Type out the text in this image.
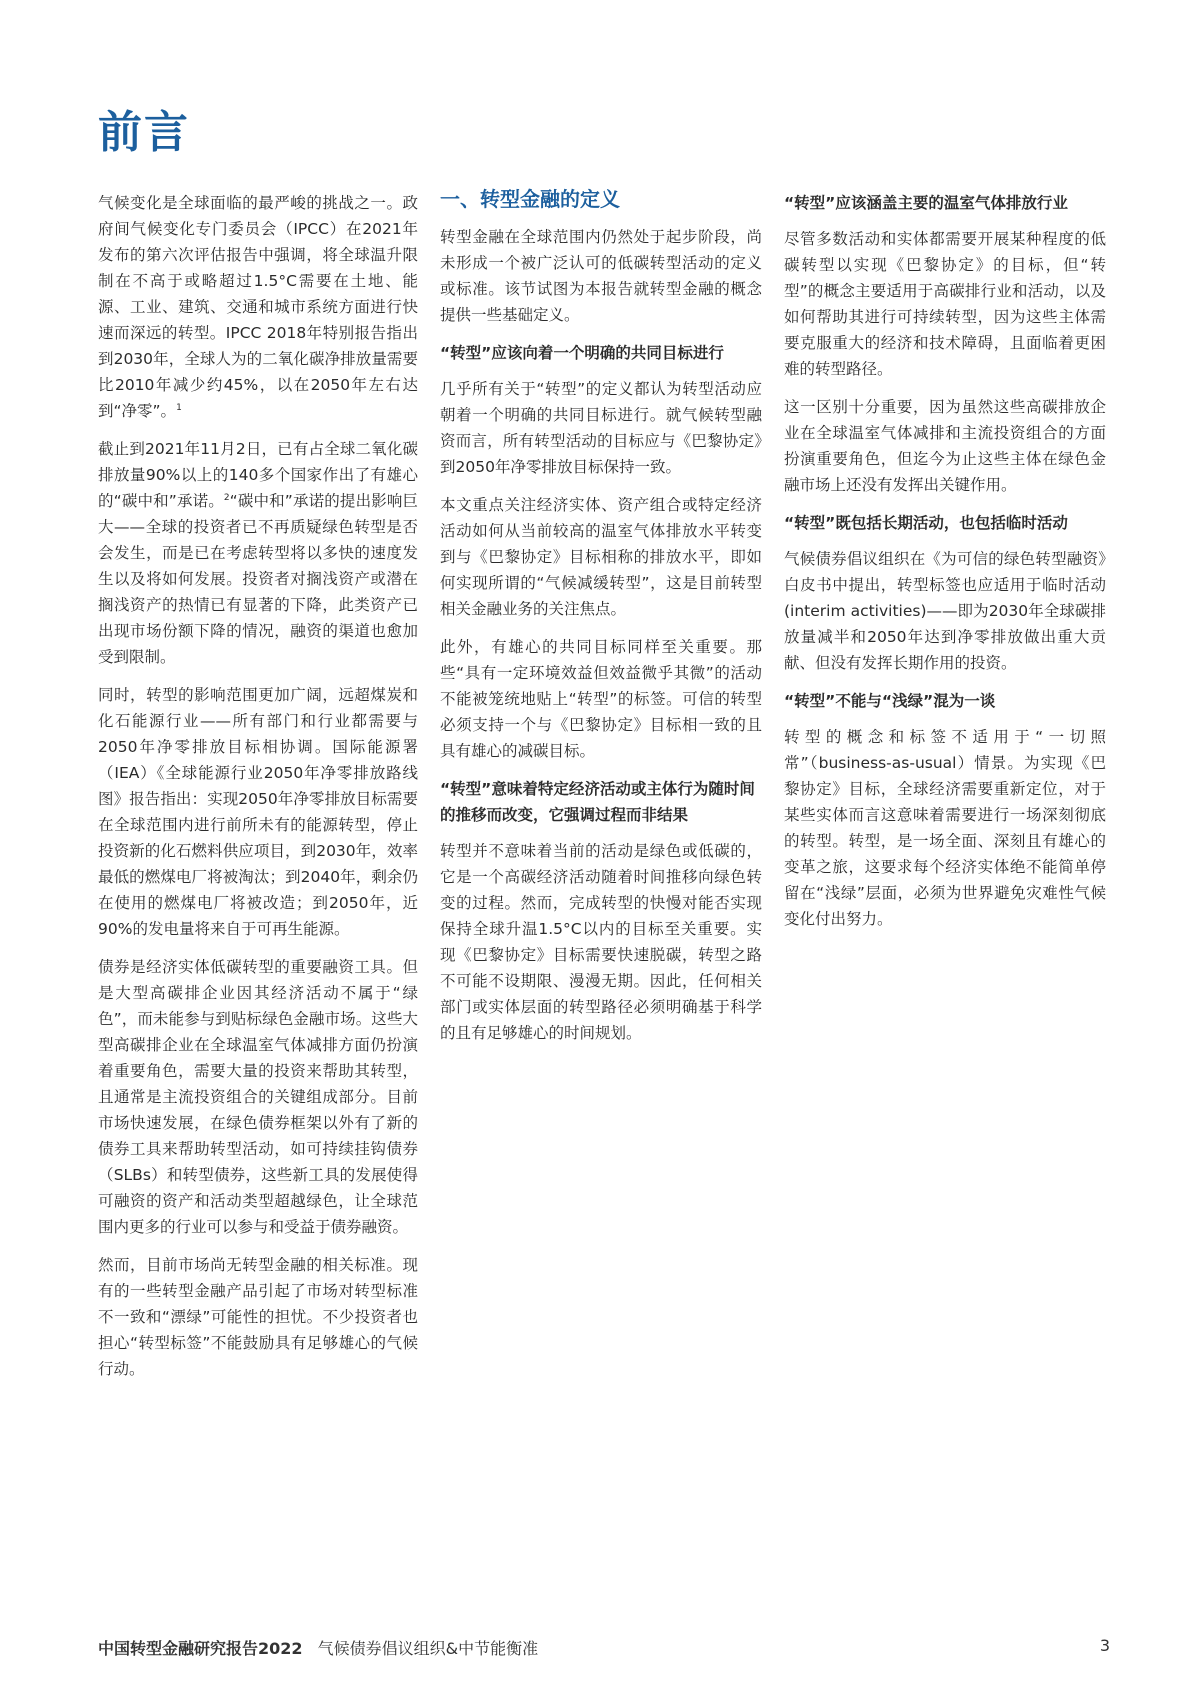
前言

气候变化是全球面临的最严峻的挑战之一。政府间气候变化专门委员会（IPCC）在2021年发布的第六次评估报告中强调，将全球温升限制在不高于或略超过1.5°C需要在土地、能源、工业、建筑、交通和城市系统方面进行快速而深远的转型。IPCC 2018年特别报告指出到2030年，全球人为的二氧化碳净排放量需要比2010年减少约45%，以在2050年左右达到“净零”。$^1$

截止到2021年11月2日，已有占全球二氧化碳排放量90%以上的140多个国家作出了有雄心的“碳中和”承诺。$^2$“碳中和”承诺的提出影响巨大——全球的投资者已不再质疑绿色转型是否会发生，而是已在考虑转型将以多快的速度发生以及将如何发展。投资者对搁浅资产或潜在搁浅资产的热情已有显著的下降，此类资产已出现市场份额下降的情况，融资的渠道也愈加受到限制。

同时，转型的影响范围更加广阔，远超煤炭和化石能源行业——所有部门和行业都需要与2050年净零排放目标相协调。国际能源署（IEA）《全球能源行业2050年净零排放路线图》报告指出：实现2050年净零排放目标需要在全球范围内进行前所未有的能源转型，停止投资新的化石燃料供应项目，到2030年，效率最低的燃煤电厂将被淘汰；到2040年，剩余仍在使用的燃煤电厂将被改造；到2050年，近90%的发电量将来自于可再生能源。

债券是经济实体低碳转型的重要融资工具。但是大型高碳排企业因其经济活动不属于“绿色”，而未能参与到贴标绿色金融市场。这些大型高碳排企业在全球温室气体减排方面仍扮演着重要角色，需要大量的投资来帮助其转型，且通常是主流投资组合的关键组成部分。目前市场快速发展，在绿色债券框架以外有了新的债券工具来帮助转型活动，如可持续挂钩债券（SLBs）和转型债券，这些新工具的发展使得可融资的资产和活动类型超越绿色，让全球范围内更多的行业可以参与和受益于债券融资。

然而，目前市场尚无转型金融的相关标准。现有的一些转型金融产品引起了市场对转型标准不一致和“漂绿”可能性的担忧。不少投资者也担心“转型标签”不能鼓励具有足够雄心的气候行动。

一、转型金融的定义

转型金融在全球范围内仍然处于起步阶段，尚未形成一个被广泛认可的低碳转型活动的定义或标准。该节试图为本报告就转型金融的概念提供一些基础定义。

“转型”应该向着一个明确的共同目标进行

几乎所有关于“转型”的定义都认为转型活动应朝着一个明确的共同目标进行。就气候转型融资而言，所有转型活动的目标应与《巴黎协定》到2050年净零排放目标保持一致。

本文重点关注经济实体、资产组合或特定经济活动如何从当前较高的温室气体排放水平转变到与《巴黎协定》目标相称的排放水平，即如何实现所谓的“气候减缓转型”，这是目前转型相关金融业务的关注焦点。

此外，有雄心的共同目标同样至关重要。那些“具有一定环境效益但效益微乎其微”的活动不能被笼统地贴上“转型”的标签。可信的转型必须支持一个与《巴黎协定》目标相一致的且具有雄心的减碳目标。

“转型”意味着特定经济活动或主体行为随时间的推移而改变，它强调过程而非结果

转型并不意味着当前的活动是绿色或低碳的，它是一个高碳经济活动随着时间推移向绿色转变的过程。然而，完成转型的快慢对能否实现保持全球升温1.5°C以内的目标至关重要。实现《巴黎协定》目标需要快速脱碳，转型之路不可能不设期限、漫漫无期。因此，任何相关部门或实体层面的转型路径必须明确基于科学的且有足够雄心的时间规划。

“转型”应该涵盖主要的温室气体排放行业

尽管多数活动和实体都需要开展某种程度的低碳转型以实现《巴黎协定》的目标，但“转型”的概念主要适用于高碳排行业和活动，以及如何帮助其进行可持续转型，因为这些主体需要克服重大的经济和技术障碍，且面临着更困难的转型路径。

这一区别十分重要，因为虽然这些高碳排放企业在全球温室气体减排和主流投资组合的方面扮演重要角色，但迄今为止这些主体在绿色金融市场上还没有发挥出关键作用。

“转型”既包括长期活动，也包括临时活动

气候债券倡议组织在《为可信的绿色转型融资》白皮书中提出，转型标签也应适用于临时活动(interim activities)——即为2030年全球碳排放量减半和2050年达到净零排放做出重大贡献、但没有发挥长期作用的投资。

“转型”不能与“浅绿”混为一谈

转型的概念和标签不适用于“一切照常”（business-as-usual）情景。为实现《巴黎协定》目标，全球经济需要重新定位，对于某些实体而言这意味着需要进行一场深刻彻底的转型。转型，是一场全面、深刻且有雄心的变革之旅，这要求每个经济实体绝不能简单停留在“浅绿”层面，必须为世界避免灾难性气候变化付出努力。

中国转型金融研究报告2022 气候债券倡议组织&中节能衡准	3
